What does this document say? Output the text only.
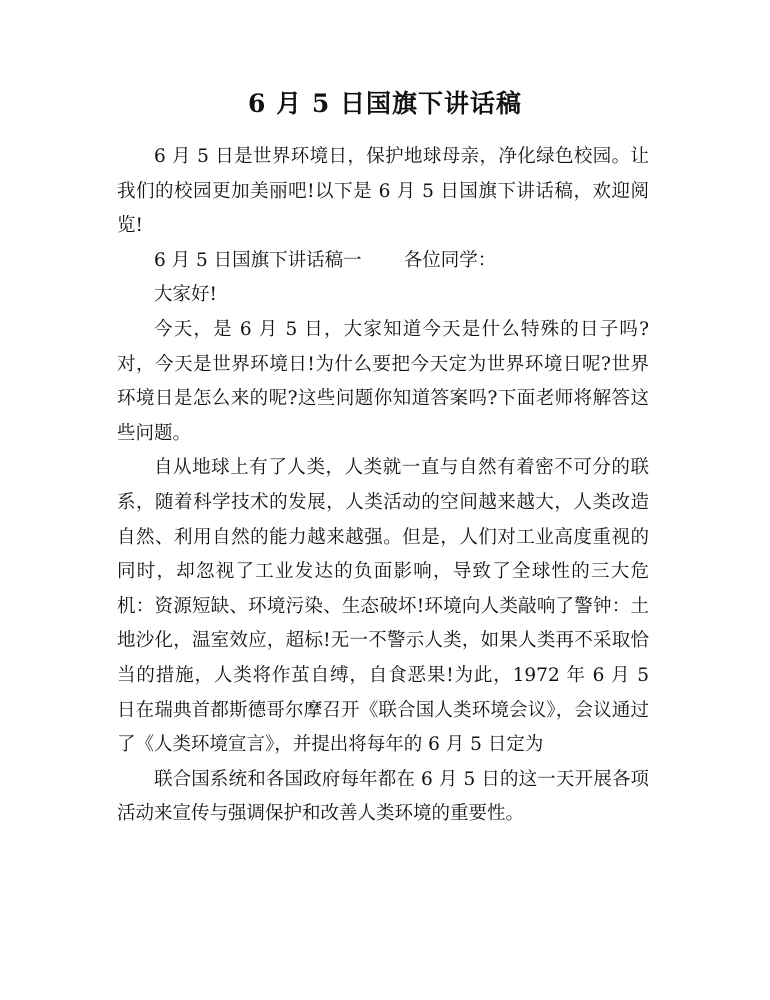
6 月 5 日国旗下讲话稿

6 月 5 日是世界环境日，保护地球母亲，净化绿色校园。让我们的校园更加美丽吧!以下是 6 月 5 日国旗下讲话稿，欢迎阅览!

6 月 5 日国旗下讲话稿一 各位同学：

大家好!

今天，是 6 月 5 日，大家知道今天是什么特殊的日子吗?对，今天是世界环境日!为什么要把今天定为世界环境日呢?世界环境日是怎么来的呢?这些问题你知道答案吗?下面老师将解答这些问题。

自从地球上有了人类，人类就一直与自然有着密不可分的联系，随着科学技术的发展，人类活动的空间越来越大，人类改造自然、利用自然的能力越来越强。但是，人们对工业高度重视的同时，却忽视了工业发达的负面影响，导致了全球性的三大危机：资源短缺、环境污染、生态破坏!环境向人类敲响了警钟：土地沙化，温室效应，超标!无一不警示人类，如果人类再不采取恰当的措施，人类将作茧自缚，自食恶果!为此，1972 年 6 月 5 日在瑞典首都斯德哥尔摩召开《联合国人类环境会议》，会议通过了《人类环境宣言》，并提出将每年的 6 月 5 日定为

联合国系统和各国政府每年都在 6 月 5 日的这一天开展各项活动来宣传与强调保护和改善人类环境的重要性。
